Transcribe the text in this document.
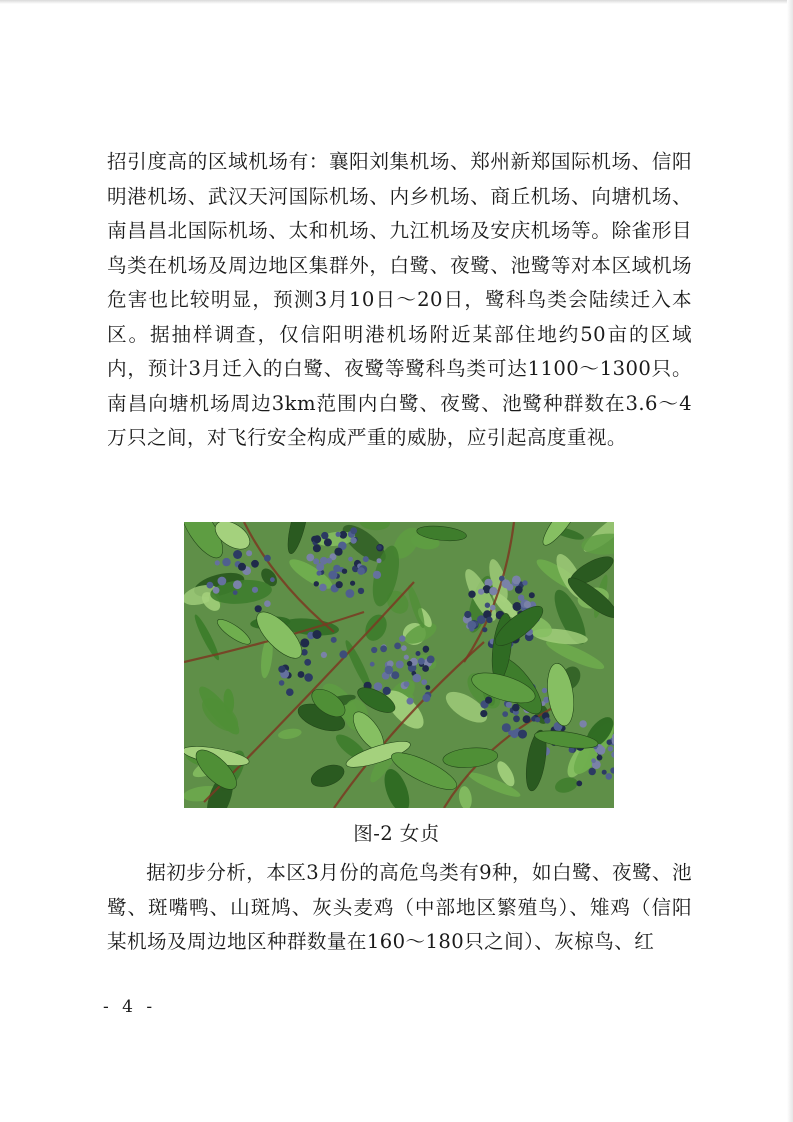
招引度高的区域机场有：襄阳刘集机场、郑州新郑国际机场、信阳明港机场、武汉天河国际机场、内乡机场、商丘机场、向塘机场、南昌昌北国际机场、太和机场、九江机场及安庆机场等。除雀形目鸟类在机场及周边地区集群外，白鹭、夜鹭、池鹭等对本区域机场危害也比较明显，预测3月10日～20日，鹭科鸟类会陆续迁入本区。据抽样调查，仅信阳明港机场附近某部住地约50亩的区域内，预计3月迁入的白鹭、夜鹭等鹭科鸟类可达1100～1300只。南昌向塘机场周边3km范围内白鹭、夜鹭、池鹭种群数在3.6～4万只之间，对飞行安全构成严重的威胁，应引起高度重视。

图-2 女贞

据初步分析，本区3月份的高危鸟类有9种，如白鹭、夜鹭、池鹭、斑嘴鸭、山斑鸠、灰头麦鸡（中部地区繁殖鸟）、雉鸡（信阳某机场及周边地区种群数量在160～180只之间）、灰椋鸟、红

- 4 -
